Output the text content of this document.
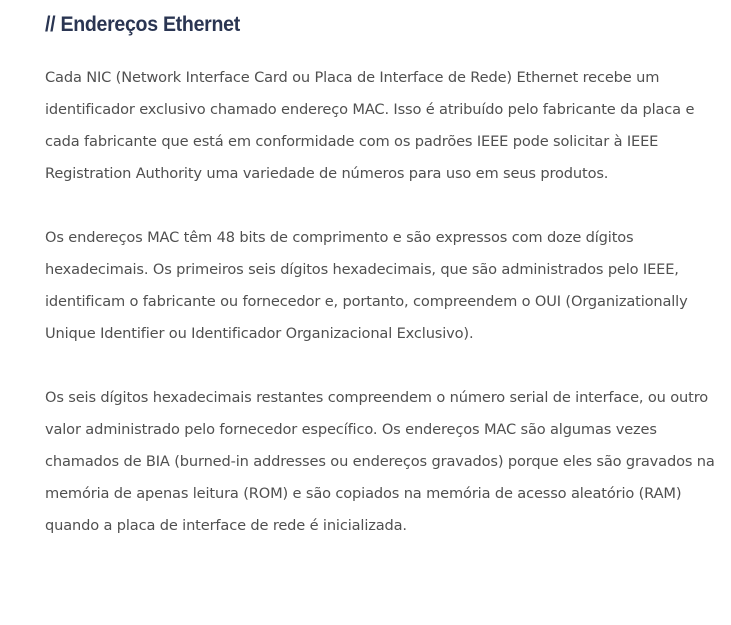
// Endereços Ethernet

Cada NIC (Network Interface Card ou Placa de Interface de Rede) Ethernet recebe um identificador exclusivo chamado endereço MAC. Isso é atribuído pelo fabricante da placa e cada fabricante que está em conformidade com os padrões IEEE pode solicitar à IEEE Registration Authority uma variedade de números para uso em seus produtos.

Os endereços MAC têm 48 bits de comprimento e são expressos com doze dígitos hexadecimais. Os primeiros seis dígitos hexadecimais, que são administrados pelo IEEE, identificam o fabricante ou fornecedor e, portanto, compreendem o OUI (Organizationally Unique Identifier ou Identificador Organizacional Exclusivo).

Os seis dígitos hexadecimais restantes compreendem o número serial de interface, ou outro valor administrado pelo fornecedor específico. Os endereços MAC são algumas vezes chamados de BIA (burned-in addresses ou endereços gravados) porque eles são gravados na memória de apenas leitura (ROM) e são copiados na memória de acesso aleatório (RAM) quando a placa de interface de rede é inicializada.
